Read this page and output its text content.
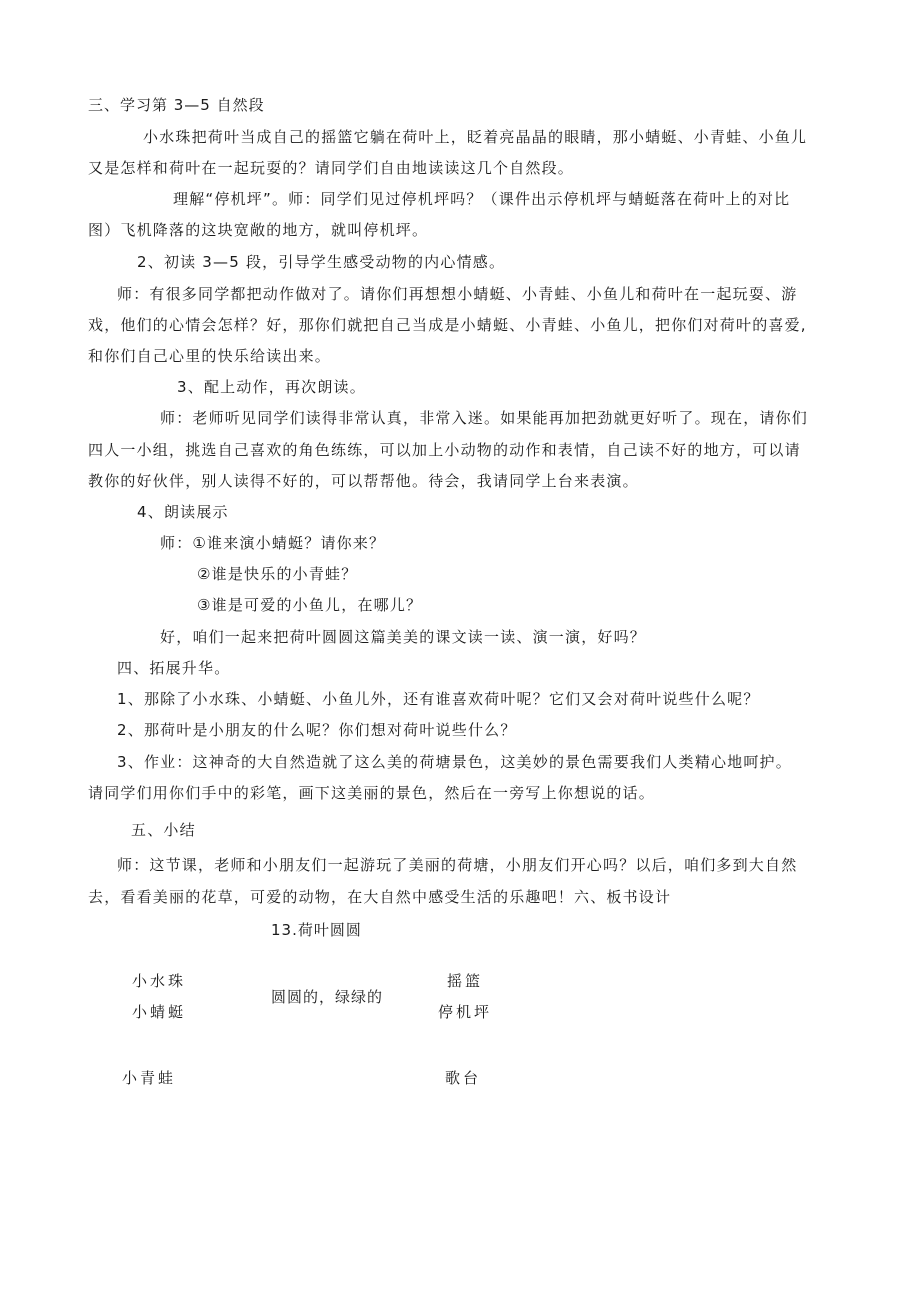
三、学习第 3—5 自然段
小水珠把荷叶当成自己的摇篮它躺在荷叶上，眨着亮晶晶的眼睛，那小蜻蜓、小青蛙、小鱼儿
又是怎样和荷叶在一起玩耍的？请同学们自由地读读这几个自然段。
理解“停机坪”。师：同学们见过停机坪吗？（课件出示停机坪与蜻蜓落在荷叶上的对比
图）飞机降落的这块宽敞的地方，就叫停机坪。
2、初读 3—5 段，引导学生感受动物的内心情感。
师：有很多同学都把动作做对了。请你们再想想小蜻蜓、小青蛙、小鱼儿和荷叶在一起玩耍、游
戏，他们的心情会怎样？好，那你们就把自己当成是小蜻蜓、小青蛙、小鱼儿，把你们对荷叶的喜爱,
和你们自己心里的快乐给读出来。
3、配上动作，再次朗读。
师：老师听见同学们读得非常认真，非常入迷。如果能再加把劲就更好听了。现在，请你们
四人一小组，挑选自己喜欢的角色练练，可以加上小动物的动作和表情，自己读不好的地方，可以请
教你的好伙伴，别人读得不好的，可以帮帮他。待会，我请同学上台来表演。
4、朗读展示
师：①谁来演小蜻蜓？请你来？
②谁是快乐的小青蛙？
③谁是可爱的小鱼儿，在哪儿？
好，咱们一起来把荷叶圆圆这篇美美的课文读一读、演一演，好吗？
四、拓展升华。
1、那除了小水珠、小蜻蜓、小鱼儿外，还有谁喜欢荷叶呢？它们又会对荷叶说些什么呢？
2、那荷叶是小朋友的什么呢？你们想对荷叶说些什么？
3、作业：这神奇的大自然造就了这么美的荷塘景色，这美妙的景色需要我们人类精心地呵护。
请同学们用你们手中的彩笔，画下这美丽的景色，然后在一旁写上你想说的话。
五、小结
师：这节课，老师和小朋友们一起游玩了美丽的荷塘，小朋友们开心吗？以后，咱们多到大自然
去，看看美丽的花草，可爱的动物，在大自然中感受生活的乐趣吧！六、板书设计
13.荷叶圆圆
小水珠
小蜻蜓
小青蛙
圆圆的，绿绿的
摇篮
停机坪
歌台
